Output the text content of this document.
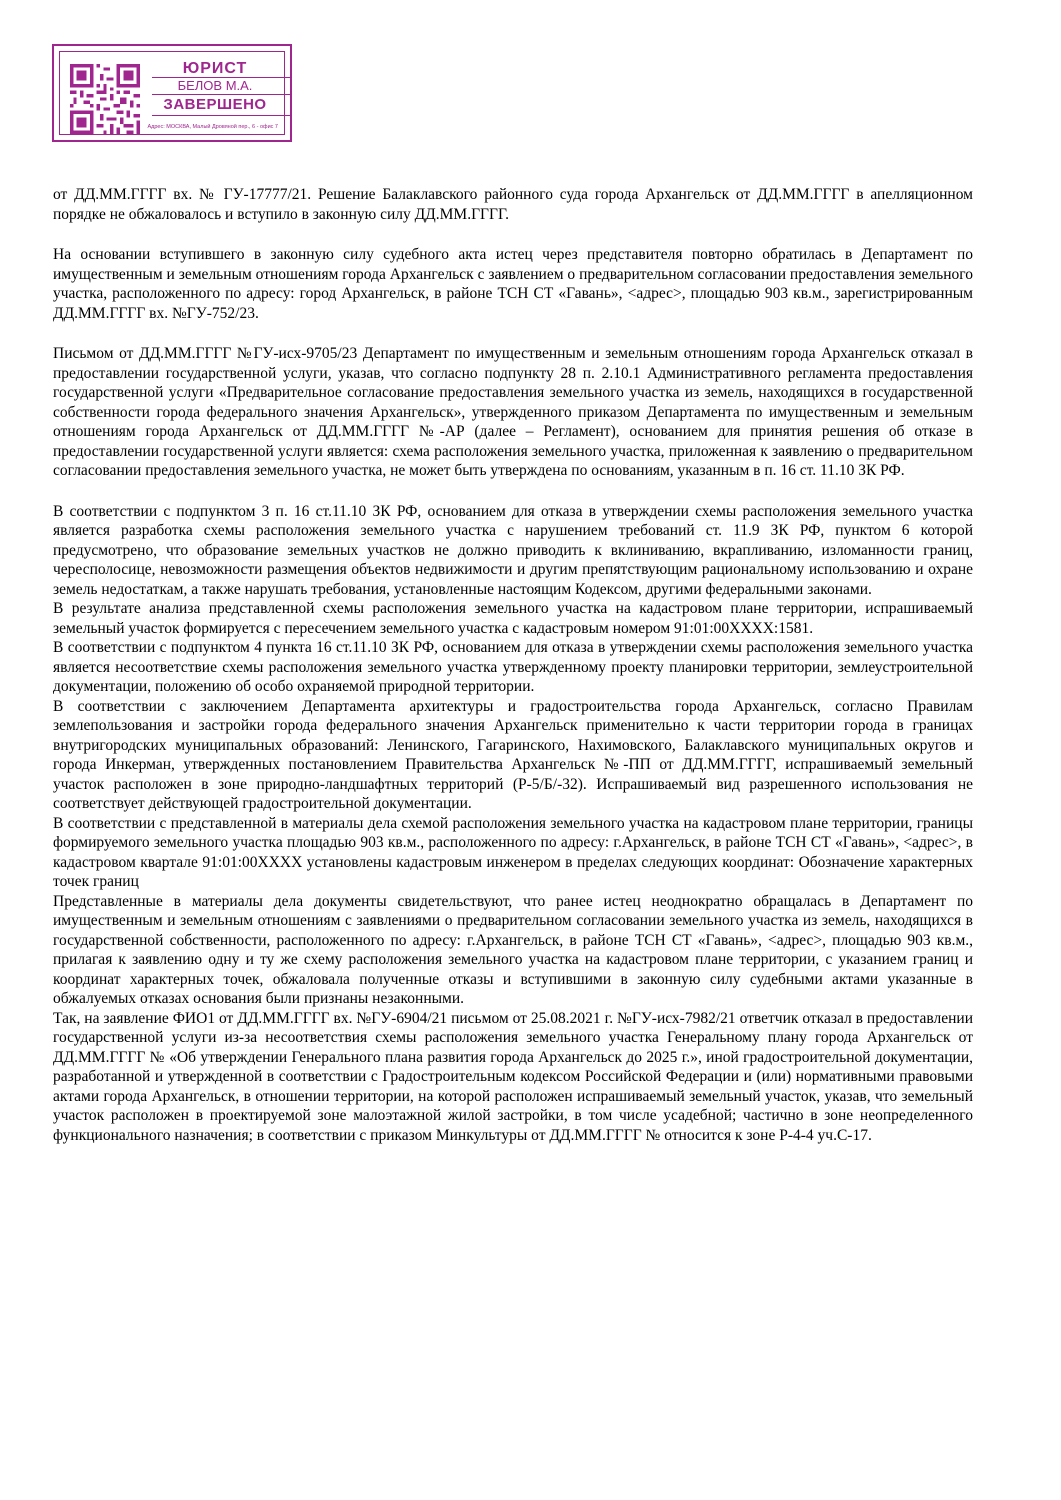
ЮРИСТ
БЕЛОВ М.А.
ЗАВЕРШЕНО
Адрес: МОСКВА, Малый Дровяной пер., 6 - офис 7

от ДД.ММ.ГГГГ вх. № ГУ-17777/21. Решение Балаклавского районного суда города Архангельск от ДД.ММ.ГГГГ в апелляционном порядке не обжаловалось и вступило в законную силу ДД.ММ.ГГГГ.

На основании вступившего в законную силу судебного акта истец через представителя повторно обратилась в Департамент по имущественным и земельным отношениям города Архангельск с заявлением о предварительном согласовании предоставления земельного участка, расположенного по адресу: город Архангельск, в районе ТСН СТ «Гавань», <адрес>, площадью 903 кв.м., зарегистрированным ДД.ММ.ГГГГ вх. №ГУ-752/23.

Письмом от ДД.ММ.ГГГГ №ГУ-исх-9705/23 Департамент по имущественным и земельным отношениям города Архангельск отказал в предоставлении государственной услуги, указав, что согласно подпункту 28 п. 2.10.1 Административного регламента предоставления государственной услуги «Предварительное согласование предоставления земельного участка из земель, находящихся в государственной собственности города федерального значения Архангельск», утвержденного приказом Департамента по имущественным и земельным отношениям города Архангельск от ДД.ММ.ГГГГ №-АР (далее – Регламент), основанием для принятия решения об отказе в предоставлении государственной услуги является: схема расположения земельного участка, приложенная к заявлению о предварительном согласовании предоставления земельного участка, не может быть утверждена по основаниям, указанным в п. 16 ст. 11.10 ЗК РФ.

В соответствии с подпунктом 3 п. 16 ст.11.10 ЗК РФ, основанием для отказа в утверждении схемы расположения земельного участка является разработка схемы расположения земельного участка с нарушением требований ст. 11.9 ЗК РФ, пунктом 6 которой предусмотрено, что образование земельных участков не должно приводить к вклиниванию, вкрапливанию, изломанности границ, чересполосице, невозможности размещения объектов недвижимости и другим препятствующим рациональному использованию и охране земель недостаткам, а также нарушать требования, установленные настоящим Кодексом, другими федеральными законами.

В результате анализа представленной схемы расположения земельного участка на кадастровом плане территории, испрашиваемый земельный участок формируется с пересечением земельного участка с кадастровым номером 91:01:00ХХХХ:1581.

В соответствии с подпунктом 4 пункта 16 ст.11.10 ЗК РФ, основанием для отказа в утверждении схемы расположения земельного участка является несоответствие схемы расположения земельного участка утвержденному проекту планировки территории, землеустроительной документации, положению об особо охраняемой природной территории.

В соответствии с заключением Департамента архитектуры и градостроительства города Архангельск, согласно Правилам землепользования и застройки города федерального значения Архангельск применительно к части территории города в границах внутригородских муниципальных образований: Ленинского, Гагаринского, Нахимовского, Балаклавского муниципальных округов и города Инкерман, утвержденных постановлением Правительства Архангельск №-ПП от ДД.ММ.ГГГГ, испрашиваемый земельный участок расположен в зоне природно-ландшафтных территорий (Р-5/Б/-32). Испрашиваемый вид разрешенного использования не соответствует действующей градостроительной документации.

В соответствии с представленной в материалы дела схемой расположения земельного участка на кадастровом плане территории, границы формируемого земельного участка площадью 903 кв.м., расположенного по адресу: г.Архангельск, в районе ТСН СТ «Гавань», <адрес>, в кадастровом квартале 91:01:00ХХХХ установлены кадастровым инженером в пределах следующих координат: Обозначение характерных точек границ

Представленные в материалы дела документы свидетельствуют, что ранее истец неоднократно обращалась в Департамент по имущественным и земельным отношениям с заявлениями о предварительном согласовании земельного участка из земель, находящихся в государственной собственности, расположенного по адресу: г.Архангельск, в районе ТСН СТ «Гавань», <адрес>, площадью 903 кв.м., прилагая к заявлению одну и ту же схему расположения земельного участка на кадастровом плане территории, с указанием границ и координат характерных точек, обжаловала полученные отказы и вступившими в законную силу судебными актами указанные в обжалуемых отказах основания были признаны незаконными.

Так, на заявление ФИО1 от ДД.ММ.ГГГГ вх. №ГУ-6904/21 письмом от 25.08.2021 г. №ГУ-исх-7982/21 ответчик отказал в предоставлении государственной услуги из-за несоответствия схемы расположения земельного участка Генеральному плану города Архангельск от ДД.ММ.ГГГГ № «Об утверждении Генерального плана развития города Архангельск до 2025 г.», иной градостроительной документации, разработанной и утвержденной в соответствии с Градостроительным кодексом Российской Федерации и (или) нормативными правовыми актами города Архангельск, в отношении территории, на которой расположен испрашиваемый земельный участок, указав, что земельный участок расположен в проектируемой зоне малоэтажной жилой застройки, в том числе усадебной; частично в зоне неопределенного функционального назначения; в соответствии с приказом Минкультуры от ДД.ММ.ГГГГ № относится к зоне Р-4-4 уч.С-17.
